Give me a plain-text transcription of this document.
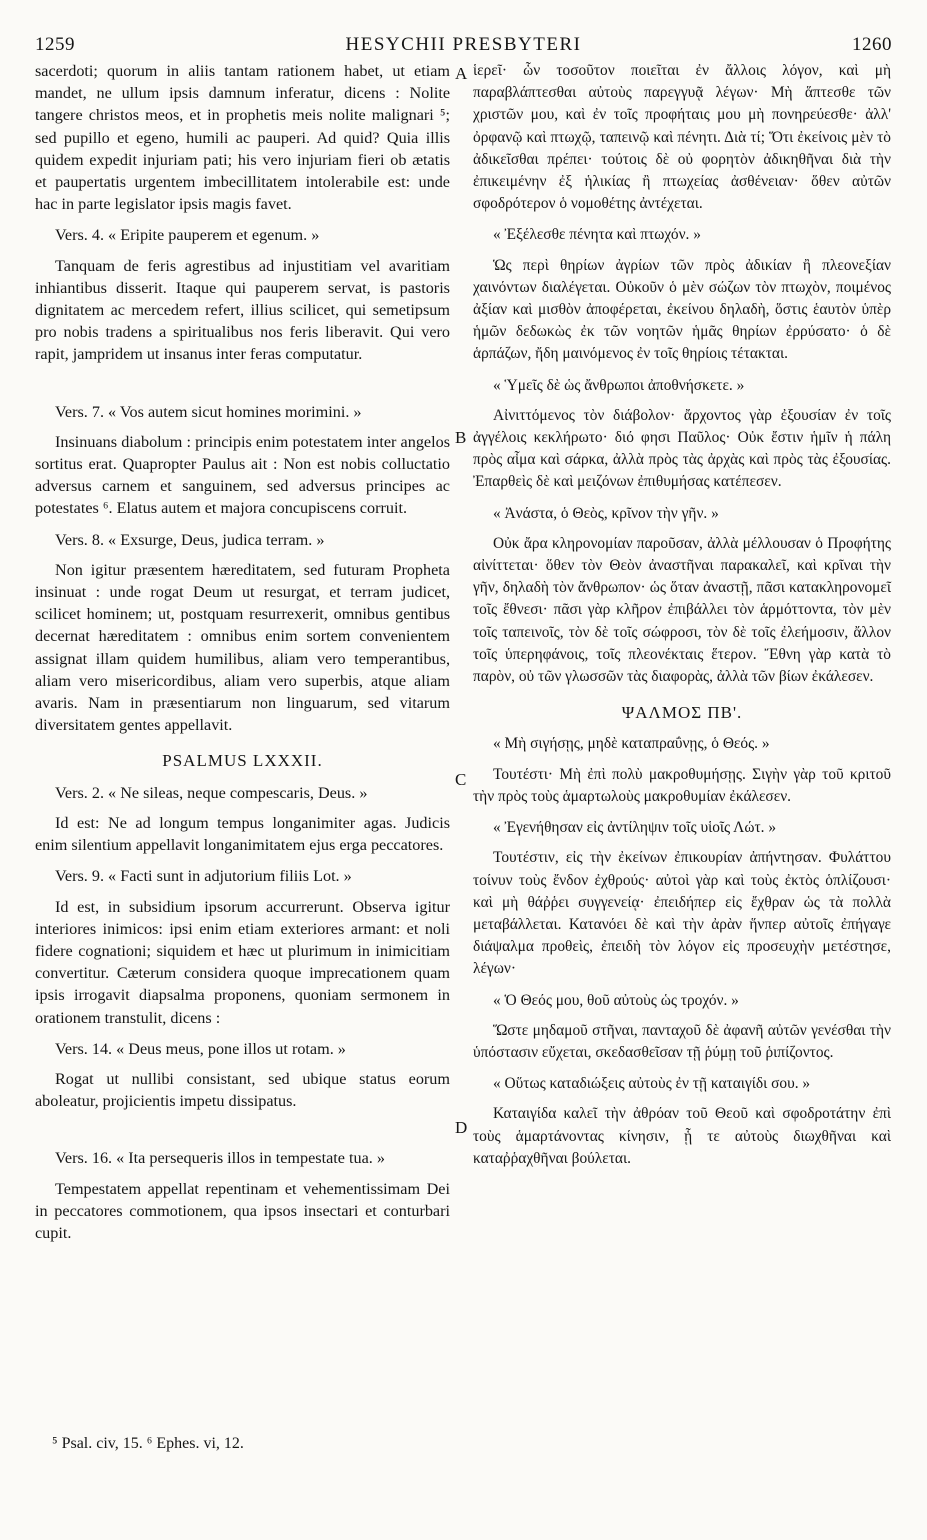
1259	HESYCHII PRESBYTERI	1260

sacerdoti; quorum in aliis tantam rationem habet, ut etiam mandet, ne ullum ipsis damnum inferatur, dicens : Nolite tangere christos meos, et in prophetis meis nolite malignari ⁵; sed pupillo et egeno, humili ac pauperi. Ad quid? Quia illis quidem expedit injuriam pati; his vero injuriam fieri ob ætatis et paupertatis urgentem imbecillitatem intolerabile est: unde hac in parte legislator ipsis magis favet.

Vers. 4. « Eripite pauperem et egenum. »

Tanquam de feris agrestibus ad injustitiam vel avaritiam inhiantibus disserit. Itaque qui pauperem servat, is pastoris dignitatem ac mercedem refert, illius scilicet, qui semetipsum pro nobis tradens a spiritualibus nos feris liberavit. Qui vero rapit, jampridem ut insanus inter feras computatur.

Vers. 7. « Vos autem sicut homines morimini. »

Insinuans diabolum : principis enim potestatem inter angelos sortitus erat. Quapropter Paulus ait : Non est nobis colluctatio adversus carnem et sanguinem, sed adversus principes ac potestates ⁶. Elatus autem et majora concupiscens corruit.

Vers. 8. « Exsurge, Deus, judica terram. »

Non igitur præsentem hæreditatem, sed futuram Propheta insinuat : unde rogat Deum ut resurgat, et terram judicet, scilicet hominem; ut, postquam resurrexerit, omnibus gentibus decernat hæreditatem : omnibus enim sortem convenientem assignat illam quidem humilibus, aliam vero temperantibus, aliam vero misericordibus, aliam vero superbis, atque aliam avaris. Nam in præsentiarum non linguarum, sed vitarum diversitatem gentes appellavit.

PSALMUS LXXXII.

Vers. 2. « Ne sileas, neque compescaris, Deus. »

Id est: Ne ad longum tempus longanimiter agas. Judicis enim silentium appellavit longanimitatem ejus erga peccatores.

Vers. 9. « Facti sunt in adjutorium filiis Lot. »

Id est, in subsidium ipsorum accurrerunt. Observa igitur interiores inimicos: ipsi enim etiam exteriores armant: et noli fidere cognationi; siquidem et hæc ut plurimum in inimicitiam convertitur. Cæterum considera quoque imprecationem quam ipsis irrogavit diapsalma proponens, quoniam sermonem in orationem transtulit, dicens :

Vers. 14. « Deus meus, pone illos ut rotam. »

Rogat ut nullibi consistant, sed ubique status eorum aboleatur, projicientis impetu dissipatus.

Vers. 16. « Ita persequeris illos in tempestate tua. »

Tempestatem appellat repentinam et vehementissimam Dei in peccatores commotionem, qua ipsos insectari et conturbari cupit.

ἱερεῖ· ὧν τοσοῦτον ποιεῖται ἐν ἄλλοις λόγον, καὶ μὴ παραβλάπτεσθαι αὐτοὺς παρεγγυᾷ λέγων· Μὴ ἅπτεσθε τῶν χριστῶν μου, καὶ ἐν τοῖς προφήταις μου μὴ πονηρεύεσθε· ἀλλ' ὀρφανῷ καὶ πτωχῷ, ταπεινῷ καὶ πένητι. Διὰ τί; Ὅτι ἐκείνοις μὲν τὸ ἀδικεῖσθαι πρέπει· τούτοις δὲ οὐ φορητὸν ἀδικηθῆναι διὰ τὴν ἐπικειμένην ἐξ ἡλικίας ἢ πτωχείας ἀσθένειαν· ὅθεν αὐτῶν σφοδρότερον ὁ νομοθέτης ἀντέχεται.

« Ἐξέλεσθε πένητα καὶ πτωχόν. »

Ὡς περὶ θηρίων ἀγρίων τῶν πρὸς ἀδικίαν ἢ πλεονεξίαν χαινόντων διαλέγεται. Οὐκοῦν ὁ μὲν σώζων τὸν πτωχὸν, ποιμένος ἀξίαν καὶ μισθὸν ἀποφέρεται, ἐκείνου δηλαδὴ, ὅστις ἑαυτὸν ὑπὲρ ἡμῶν δεδωκὼς ἐκ τῶν νοητῶν ἡμᾶς θηρίων ἐρρύσατο· ὁ δὲ ἁρπάζων, ἤδη μαινόμενος ἐν τοῖς θηρίοις τέτακται.

« Ὑμεῖς δὲ ὡς ἄνθρωποι ἀποθνήσκετε. »

Αἰνιττόμενος τὸν διάβολον· ἄρχοντος γὰρ ἐξουσίαν ἐν τοῖς ἀγγέλοις κεκλήρωτο· διό φησι Παῦλος· Οὐκ ἔστιν ἡμῖν ἡ πάλη πρὸς αἷμα καὶ σάρκα, ἀλλὰ πρὸς τὰς ἀρχὰς καὶ πρὸς τὰς ἐξουσίας. Ἐπαρθεὶς δὲ καὶ μειζόνων ἐπιθυμήσας κατέπεσεν.

« Ἀνάστα, ὁ Θεὸς, κρῖνον τὴν γῆν. »

Οὐκ ἄρα κληρονομίαν παροῦσαν, ἀλλὰ μέλλουσαν ὁ Προφήτης αἰνίττεται· ὅθεν τὸν Θεὸν ἀναστῆναι παρακαλεῖ, καὶ κρῖναι τὴν γῆν, δηλαδὴ τὸν ἄνθρωπον· ὡς ὅταν ἀναστῇ, πᾶσι κατακληρονομεῖ τοῖς ἔθνεσι· πᾶσι γὰρ κλῆρον ἐπιβάλλει τὸν ἁρμόττοντα, τὸν μὲν τοῖς ταπεινοῖς, τὸν δὲ τοῖς σώφροσι, τὸν δὲ τοῖς ἐλεήμοσιν, ἄλλον τοῖς ὑπερηφάνοις, τοῖς πλεονέκταις ἕτερον. Ἔθνη γὰρ κατὰ τὸ παρὸν, οὐ τῶν γλωσσῶν τὰς διαφορὰς, ἀλλὰ τῶν βίων ἐκάλεσεν.

ΨΑΛΜΟΣ ΠΒ'.

« Μὴ σιγήσῃς, μηδὲ καταπραΰνῃς, ὁ Θεός. »

Τουτέστι· Μὴ ἐπὶ πολὺ μακροθυμήσῃς. Σιγὴν γὰρ τοῦ κριτοῦ τὴν πρὸς τοὺς ἁμαρτωλοὺς μακροθυμίαν ἐκάλεσεν.

« Ἐγενήθησαν εἰς ἀντίληψιν τοῖς υἱοῖς Λώτ. »

Τουτέστιν, εἰς τὴν ἐκείνων ἐπικουρίαν ἀπήντησαν. Φυλάττου τοίνυν τοὺς ἔνδον ἐχθρούς· αὐτοὶ γὰρ καὶ τοὺς ἐκτὸς ὁπλίζουσι· καὶ μὴ θάῤῥει συγγενείᾳ· ἐπειδήπερ εἰς ἔχθραν ὡς τὰ πολλὰ μεταβάλλεται. Κατανόει δὲ καὶ τὴν ἀρὰν ἥνπερ αὐτοῖς ἐπήγαγε διάψαλμα προθεὶς, ἐπειδὴ τὸν λόγον εἰς προσευχὴν μετέστησε, λέγων·

« Ὁ Θεός μου, θοῦ αὐτοὺς ὡς τροχόν. »

Ὥστε μηδαμοῦ στῆναι, πανταχοῦ δὲ ἀφανῆ αὐτῶν γενέσθαι τὴν ὑπόστασιν εὔχεται, σκεδασθεῖσαν τῇ ῥύμῃ τοῦ ῥιπίζοντος.

« Οὕτως καταδιώξεις αὐτοὺς ἐν τῇ καταιγίδι σου. »

Καταιγίδα καλεῖ τὴν ἀθρόαν τοῦ Θεοῦ καὶ σφοδροτάτην ἐπὶ τοὺς ἁμαρτάνοντας κίνησιν, ᾗ τε αὐτοὺς διωχθῆναι καὶ καταῤῥαχθῆναι βούλεται.

A
B
C
D
⁵ Psal. civ, 15. ⁶ Ephes. vi, 12.
